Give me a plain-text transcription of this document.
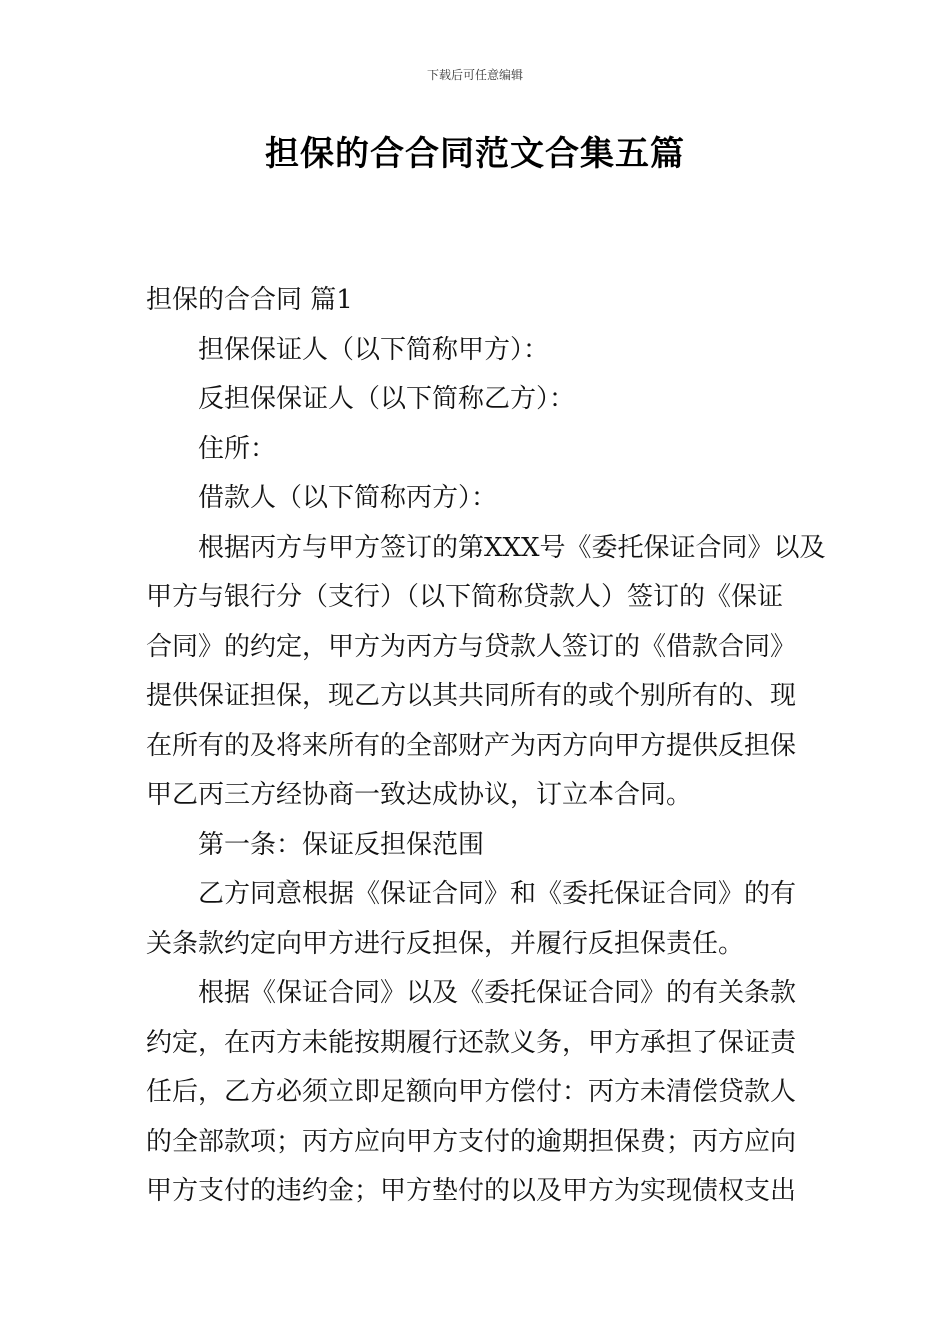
下载后可任意编辑
担保的合合同范文合集五篇
担保的合合同 篇1
担保保证人（以下简称甲方）：
反担保保证人（以下简称乙方）：
住所：
借款人（以下简称丙方）：
根据丙方与甲方签订的第XXX号《委托保证合同》以及
甲方与银行分（支行）（以下简称贷款人）签订的《保证
合同》的约定，甲方为丙方与贷款人签订的《借款合同》
提供保证担保，现乙方以其共同所有的或个别所有的、现
在所有的及将来所有的全部财产为丙方向甲方提供反担保
甲乙丙三方经协商一致达成协议，订立本合同。
第一条：保证反担保范围
乙方同意根据《保证合同》和《委托保证合同》的有
关条款约定向甲方进行反担保，并履行反担保责任。
根据《保证合同》以及《委托保证合同》的有关条款
约定，在丙方未能按期履行还款义务，甲方承担了保证责
任后，乙方必须立即足额向甲方偿付：丙方未清偿贷款人
的全部款项；丙方应向甲方支付的逾期担保费；丙方应向
甲方支付的违约金；甲方垫付的以及甲方为实现债权支出
